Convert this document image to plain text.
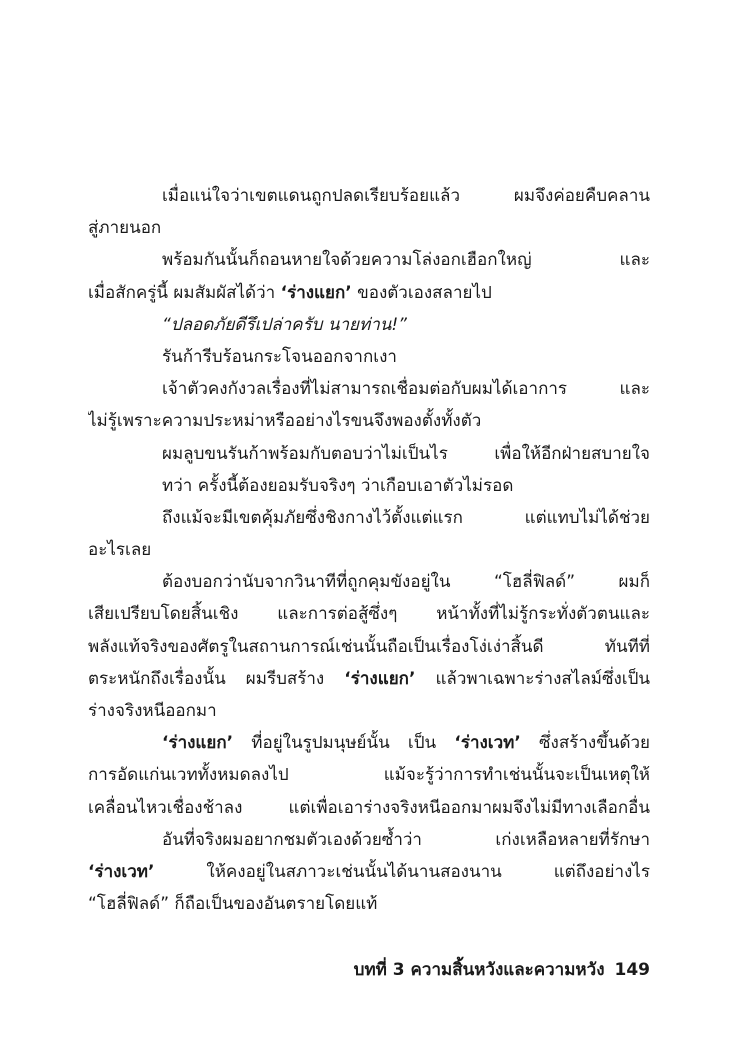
เมื่อแน่ใจว่าเขตแดนถูกปลดเรียบร้อยแล้ว ผมจึงค่อยคืบคลาน
สู่ภายนอก
พร้อมกันนั้นก็ถอนหายใจด้วยความโล่งอกเฮือกใหญ่ และ
เมื่อสักครู่นี้ ผมสัมผัสได้ว่า ‘ร่างแยก’ ของตัวเองสลายไป
“ปลอดภัยดีรึเปล่าครับ นายท่าน!”
รันก้ารีบร้อนกระโจนออกจากเงา
เจ้าตัวคงกังวลเรื่องที่ไม่สามารถเชื่อมต่อกับผมได้เอาการ และ
ไม่รู้เพราะความประหม่าหรืออย่างไรขนจึงพองตั้งทั้งตัว
ผมลูบขนรันก้าพร้อมกับตอบว่าไม่เป็นไร เพื่อให้อีกฝ่ายสบายใจ
ทว่า ครั้งนี้ต้องยอมรับจริงๆ ว่าเกือบเอาตัวไม่รอด
ถึงแม้จะมีเขตคุ้มภัยซึ่งชิงกางไว้ตั้งแต่แรก แต่แทบไม่ได้ช่วย
อะไรเลย
ต้องบอกว่านับจากวินาทีที่ถูกคุมขังอยู่ใน “โฮลี่ฟิลด์” ผมก็
เสียเปรียบโดยสิ้นเชิง และการต่อสู้ซึ่งๆ หน้าทั้งที่ไม่รู้กระทั่งตัวตนและ
พลังแท้จริงของศัตรูในสถานการณ์เช่นนั้นถือเป็นเรื่องโง่เง่าสิ้นดี ทันทีที่
ตระหนักถึงเรื่องนั้น ผมรีบสร้าง ‘ร่างแยก’ แล้วพาเฉพาะร่างสไลม์ซึ่งเป็น
ร่างจริงหนีออกมา
‘ร่างแยก’ ที่อยู่ในรูปมนุษย์นั้น เป็น ‘ร่างเวท’ ซึ่งสร้างขึ้นด้วย
การอัดแก่นเวททั้งหมดลงไป แม้จะรู้ว่าการทำเช่นนั้นจะเป็นเหตุให้
เคลื่อนไหวเชื่องช้าลง แต่เพื่อเอาร่างจริงหนีออกมาผมจึงไม่มีทางเลือกอื่น
อันที่จริงผมอยากชมตัวเองด้วยซ้ำว่า เก่งเหลือหลายที่รักษา
‘ร่างเวท’ ให้คงอยู่ในสภาวะเช่นนั้นได้นานสองนาน แต่ถึงอย่างไร
“โฮลี่ฟิลด์” ก็ถือเป็นของอันตรายโดยแท้
บทที่ 3 ความสิ้นหวังและความหวัง 149
